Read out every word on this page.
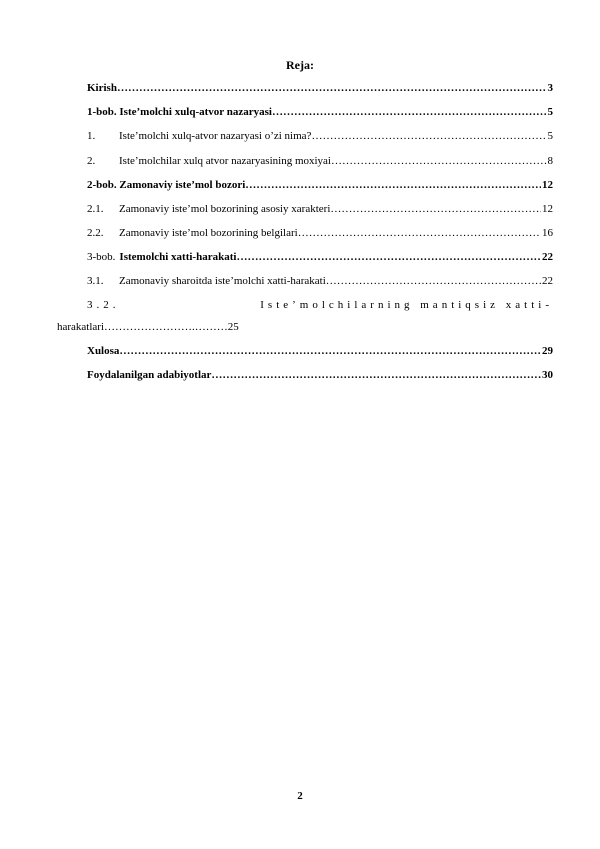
Reja:
Kirish ……………………………………………………………………………………………………………………………………………………………………………………	3
1-bob. Iste’molchi xulq-atvor nazaryasi ……………………………………………………………………………………………………………………………………………………………………………………	5
1.	Iste’molchi xulq-atvor nazaryasi o’zi nima? ……………………………………………………………………………………………………………………………………………………………………………………	5
2.	Iste’molchilar xulq atvor nazaryasining moxiyai ……………………………………………………………………………………………………………………………………………………………………………………	8
2-bob. Zamonaviy iste’mol bozori ……………………………………………………………………………………………………………………………………………………………………………………	12
2.1.	Zamonaviy iste’mol bozorining asosiy xarakteri ……………………………………………………………………………………………………………………………………………………………………………………	12
2.2.	Zamonaviy iste’mol bozorining belgilari ……………………………………………………………………………………………………………………………………………………………………………………	16
3-bob. Istemolchi xatti-harakati ……………………………………………………………………………………………………………………………………………………………………………………	22
3.1.	Zamonaviy sharoitda iste’molchi xatti-harakati ……………………………………………………………………………………………………………………………………………………………………………………	22
3.2.	Iste’molchilarning mantiqsiz xatti-
harakatlari…………………….………25
Xulosa ……………………………………………………………………………………………………………………………………………………………………………………	29
Foydalanilgan adabiyotlar ……………………………………………………………………………………………………………………………………………………………………………………	30
2
